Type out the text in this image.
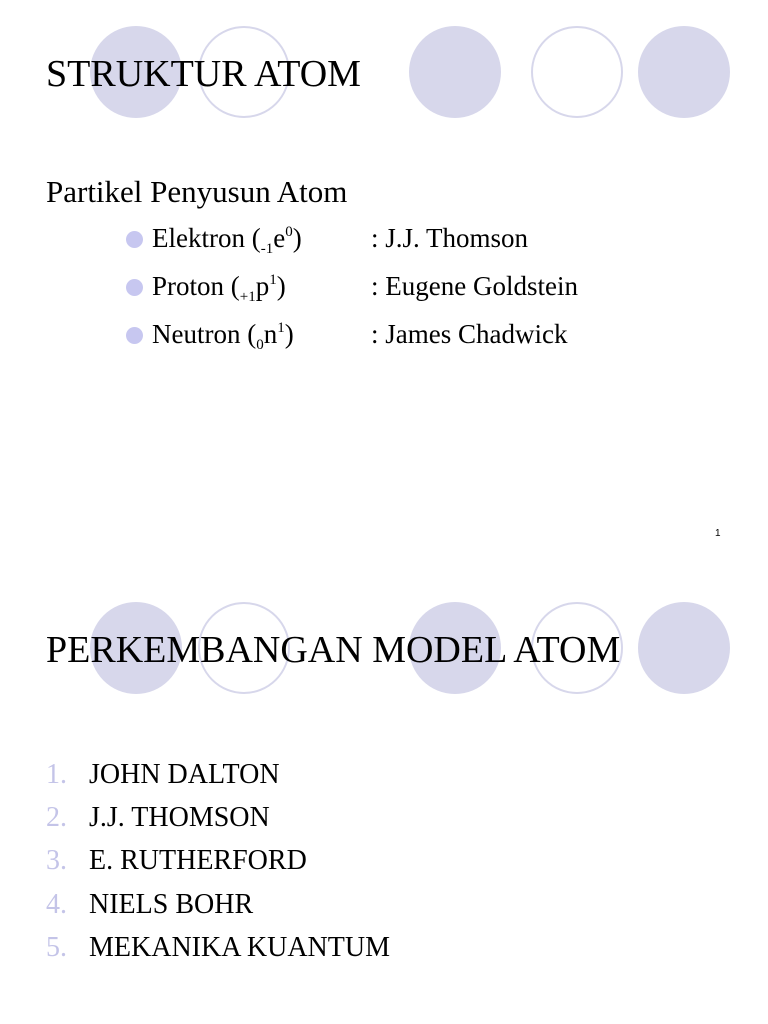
STRUKTUR ATOM
Partikel Penyusun Atom
Elektron $(_{-1}e^0)$	: J.J. Thomson
Proton $(_{+1}p^1)$	: Eugene Goldstein
Neutron $(_0n^1)$	: James Chadwick
1
PERKEMBANGAN MODEL ATOM
1. JOHN DALTON
2. J.J. THOMSON
3. E. RUTHERFORD
4. NIELS BOHR
5. MEKANIKA KUANTUM
